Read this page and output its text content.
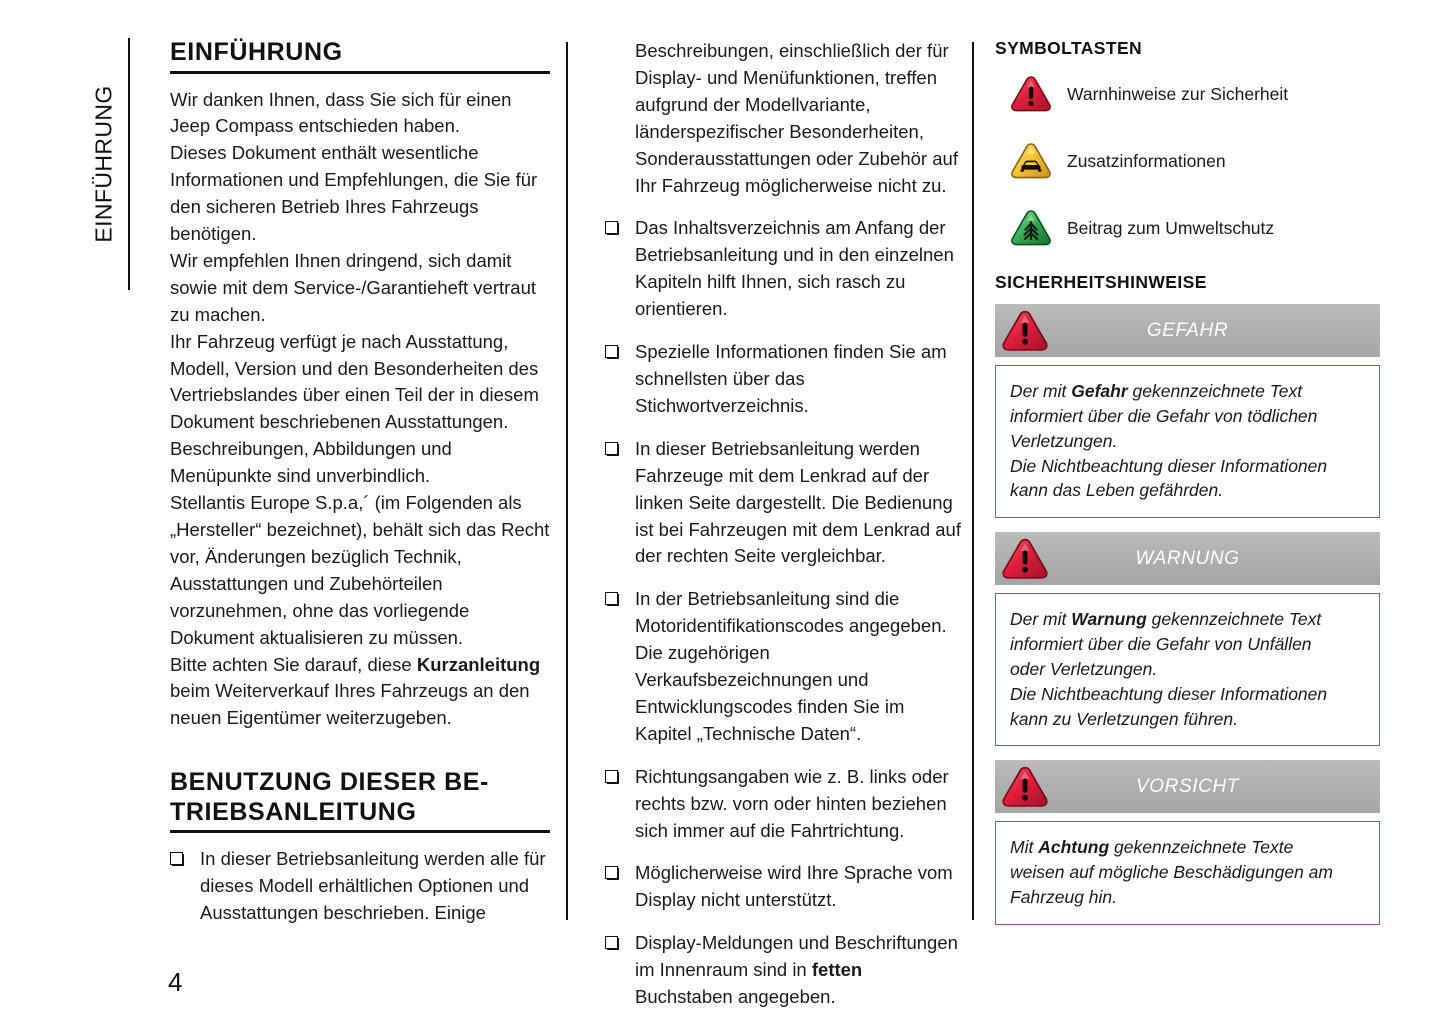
EINFÜHRUNG
EINFÜHRUNG

Wir danken Ihnen, dass Sie sich für einen Jeep Compass entschieden haben.

Dieses Dokument enthält wesentliche Informationen und Empfehlungen, die Sie für den sicheren Betrieb Ihres Fahrzeugs benötigen.

Wir empfehlen Ihnen dringend, sich damit sowie mit dem Service-/Garantieheft vertraut zu machen.

Ihr Fahrzeug verfügt je nach Ausstattung, Modell, Version und den Besonderheiten des Vertriebslandes über einen Teil der in diesem Dokument beschriebenen Ausstattungen.

Beschreibungen, Abbildungen und Menüpunkte sind unverbindlich.

Stellantis Europe S.p.a,´ (im Folgenden als „Hersteller“ bezeichnet), behält sich das Recht vor, Änderungen bezüglich Technik, Ausstattungen und Zubehörteilen vorzunehmen, ohne das vorliegende Dokument aktualisieren zu müssen.

Bitte achten Sie darauf, diese Kurzanleitung beim Weiterverkauf Ihres Fahrzeugs an den neuen Eigentümer weiterzugeben.

BENUTZUNG DIESER BE-TRIEBSANLEITUNG
In dieser Betriebsanleitung werden alle für dieses Modell erhältlichen Optionen und Ausstattungen beschrieben. Einige

Beschreibungen, einschließlich der für Display- und Menüfunktionen, treffen aufgrund der Modellvariante, länderspezifischer Besonderheiten, Sonderausstattungen oder Zubehör auf Ihr Fahrzeug möglicherweise nicht zu.

Das Inhaltsverzeichnis am Anfang der Betriebsanleitung und in den einzelnen Kapiteln hilft Ihnen, sich rasch zu orientieren.
Spezielle Informationen finden Sie am schnellsten über das Stichwortverzeichnis.
In dieser Betriebsanleitung werden Fahrzeuge mit dem Lenkrad auf der linken Seite dargestellt. Die Bedienung ist bei Fahrzeugen mit dem Lenkrad auf der rechten Seite vergleichbar.
In der Betriebsanleitung sind die Motoridentifikationscodes angegeben. Die zugehörigen Verkaufsbezeichnungen und Entwicklungscodes finden Sie im Kapitel „Technische Daten“.
Richtungsangaben wie z. B. links oder rechts bzw. vorn oder hinten beziehen sich immer auf die Fahrtrichtung.
Möglicherweise wird Ihre Sprache vom Display nicht unterstützt.
Display-Meldungen und Beschriftungen im Innenraum sind in fetten Buchstaben angegeben.
SYMBOLTASTEN
Warnhinweise zur Sicherheit
Zusatzinformationen
Beitrag zum Umweltschutz
SICHERHEITSHINWEISE
GEFAHR

Der mit Gefahr gekennzeichnete Text

informiert über die Gefahr von tödlichen

Verletzungen.

Die Nichtbeachtung dieser Informationen

kann das Leben gefährden.

WARNUNG

Der mit Warnung gekennzeichnete Text

informiert über die Gefahr von Unfällen

oder Verletzungen.

Die Nichtbeachtung dieser Informationen

kann zu Verletzungen führen.

VORSICHT

Mit Achtung gekennzeichnete Texte

weisen auf mögliche Beschädigungen am

Fahrzeug hin.

4
